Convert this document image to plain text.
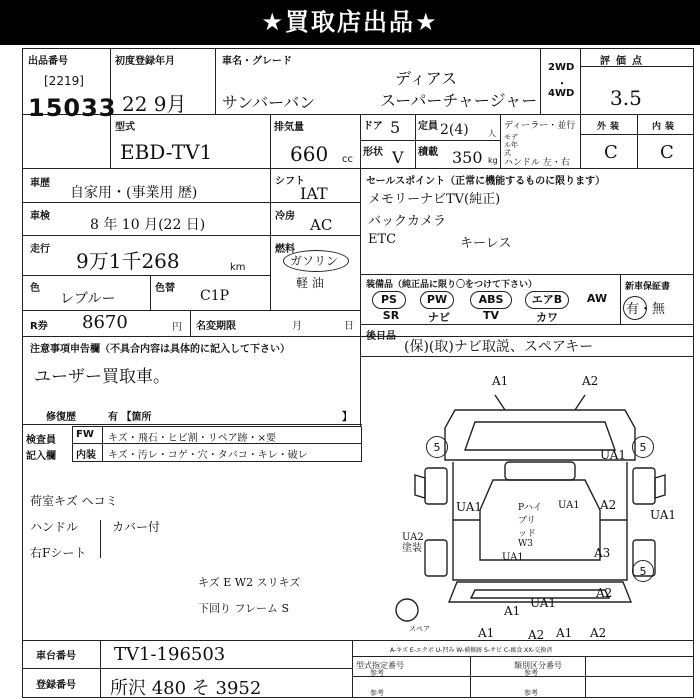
★買取店出品★
出品番号
[2219]
15033
初度登録年月
22 9月
車名・グレード
サンバーバン
ディアス
スーパーチャージャー
2WD
・
4WD
評価点
3.5
型式
EBD-TV1
排気量
660 cc
ドア 5 定員 2(4) 人
形状 V 積載 350 kg
ディーラー・並行
モデル年式
ハンドル 左・右
外装	内装
C C
車歴
自家用・(事業用 歴)
シフト
IAT
車検
8 年 10 月(22 日)
冷房 AC
走行 9万1千268	km
燃料
ガソリン
軽 油
色
レブルー
色替 C1P
R券 8670	円 名変期限	月	日
セールスポイント（正常に機能するものに限ります）
メモリーナビTV(純正)
バックカメラ
ETC	キーレス
装備品（純正品に限り〇をつけて下さい）	新車保証書
有・無
PS	PW	ABS	エアB	AW
SR	ナビ	TV	カワ
後日品
(保)(取)ナビ取説、スペアキー
注意事項申告欄（不具合内容は具体的に記入して下さい）
ユーザー買取車。
修復歴	有 【箇所	】
検査員
記入欄
FW キズ・飛石・ヒビ割・リペア跡・×要
内装 キズ・汚レ・コゲ・穴・タバコ・キレ・破レ
荷室キズ ヘコミ
ハンドル	カバー付
右Fシート
キズ E W2 スリキズ
下回り フレーム S
A1	A2
UA1
5	5
UA1
UA1
A2
UA1
PハイブリッドW3
UA1	A3
UA2 塗装
5
A2
UA1
A2
A1	A1
A2
A1
スペア
車台番号 TV1-196503
登録番号 所沢 480 そ 3952
A-キズ E-エクボ U-凹み W-補修跡 S-サビ C-腐食 XX-交換済
型式指定番号	類別区分番号
参考	参考
参考	参考
